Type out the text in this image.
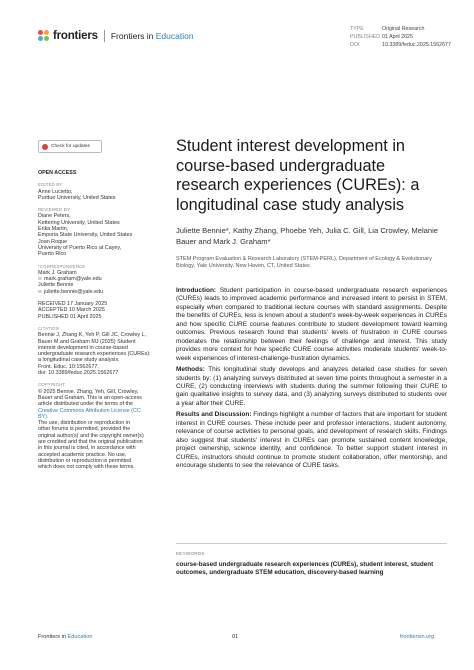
frontiers Frontiers in Education
TYPE	Original Research
PUBLISHED 01 April 2025
DOI	10.3389/feduc.2025.1562677
Check for updates
OPEN ACCESS
EDITED BY
Anne Lucietto,
Purdue University, United States
REVIEWED BY
Diane Peters,
Kettering University, United States
Erika Martin,
Emporia State University, United States
Joan Roque
University of Puerto Rico at Cayey,
Puerto Rico
*CORRESPONDENCE

Mark J. Graham

✉ mark.graham@yale.edu

Juliette Bennie

✉ juliette.bennie@yale.edu
RECEIVED 17 January 2025
ACCEPTED 10 March 2025
PUBLISHED 01 April 2025
CITATION
Bennie J, Zhang K, Yeh P, Gill JC, Crowley L,
Bauer M and Graham MJ (2025) Student
interest development in course-based
undergraduate research experiences (CUREs):
a longitudinal case study analysis.
Front. Educ. 10:1562677.
doi: 10.3389/feduc.2025.1562677
COPYRIGHT
© 2025 Bennie, Zhang, Yeh, Gill, Crowley,
Bauer and Graham. This is an open-access
article distributed under the terms of the
Creative Commons Attribution License (CC
BY).
The use, distribution or reproduction in
other forums is permitted, provided the
original author(s) and the copyright owner(s)
are credited and that the original publication
in this journal is cited, in accordance with
accepted academic practice. No use,
distribution or reproduction is permitted
which does not comply with these terms.
Student interest development in course-based undergraduate research experiences (CUREs): a longitudinal case study analysis
Juliette Bennie*, Kathy Zhang, Phoebe Yeh, Julia C. Gill, Lia Crowley, Melanie Bauer and Mark J. Graham*
STEM Program Evaluation & Research Laboratory (STEM-PERL), Department of Ecology & Evolutionary Biology, Yale University, New Haven, CT, United States

Introduction: Student participation in course-based undergraduate research experiences (CUREs) leads to improved academic performance and increased intent to persist in STEM, especially when compared to traditional lecture courses with standard assignments. Despite the benefits of CUREs, less is known about a student's week-by-week experiences in CUREs and how specific CURE course features contribute to student development toward learning outcomes. Previous research found that students' levels of frustration in CURE courses moderates the relationship between their feelings of challenge and interest. This study provides more context for how specific CURE course activities moderate students' week-to-week experiences of interest-challenge-frustration dynamics.

Methods: This longitudinal study develops and analyzes detailed case studies for seven students by: (1) analyzing surveys distributed at seven time points throughout a semester in a CURE, (2) conducting interviews with students during the summer following their CURE to gain qualitative insights to survey data, and (3) analyzing surveys distributed to students over a year after their CURE.

Results and Discussion: Findings highlight a number of factors that are important for student interest in CURE courses. These include peer and professor interactions, student autonomy, relevance of course activities to personal goals, and development of research skills. Findings also suggest that students' interest in CUREs can promote sustained content knowledge, project ownership, science identity, and confidence. To better support student interest in CUREs, instructors should continue to promote student collaboration, offer mentorship, and encourage students to see the relevance of CURE tasks.

KEYWORDS
course-based undergraduate research experiences (CUREs), student interest, student outcomes, undergraduate STEM education, discovery-based learning
Frontiers in Education	01	frontiersin.org
